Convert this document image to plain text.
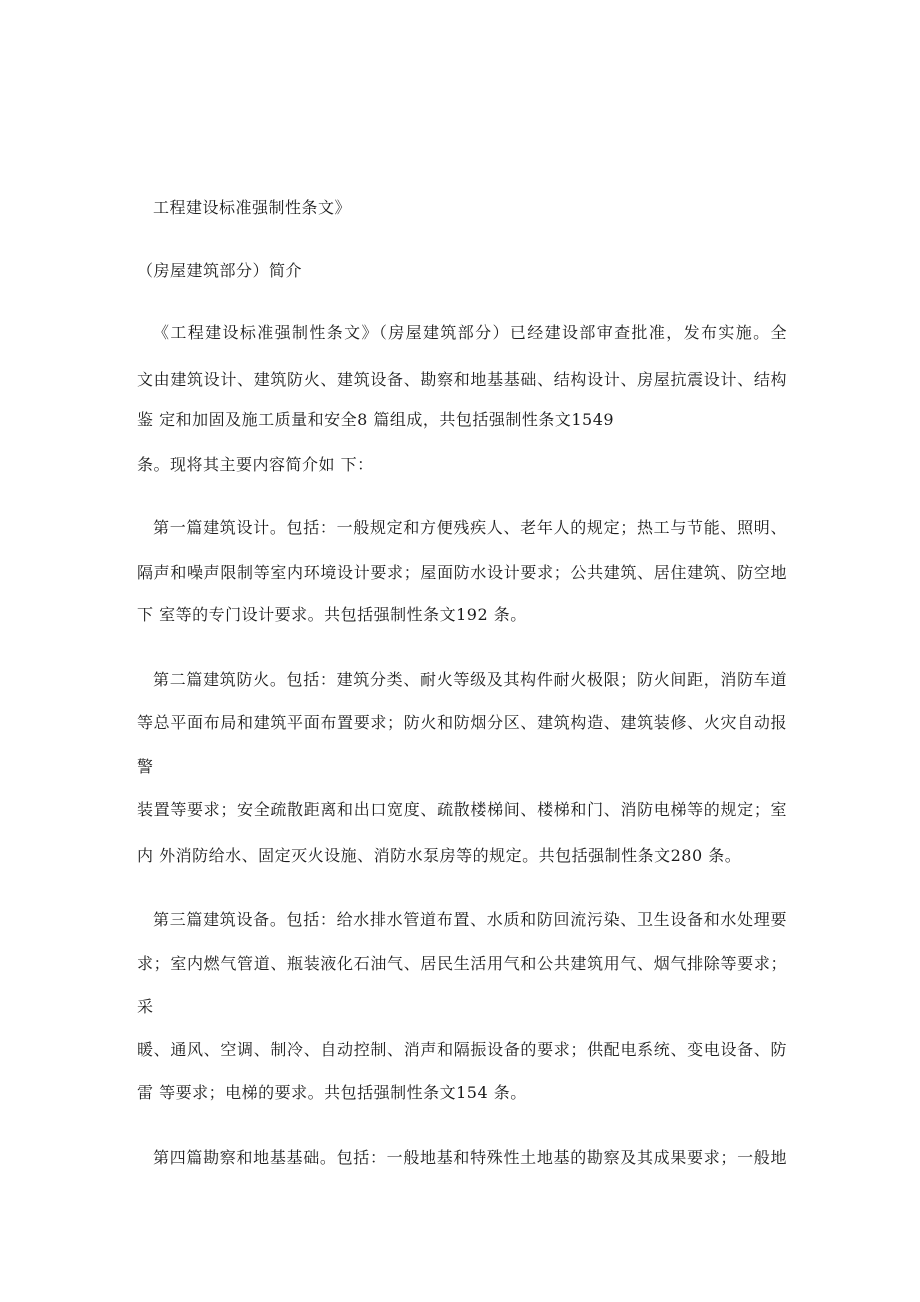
工程建设标准强制性条文》
（房屋建筑部分）简介
《工程建设标准强制性条文》（房屋建筑部分）已经建设部审查批准，发布实施。全
文由建筑设计、建筑防火、建筑设备、勘察和地基基础、结构设计、房屋抗震设计、结构
鉴 定和加固及施工质量和安全8 篇组成，共包括强制性条文1549
条。现将其主要内容简介如 下：
第一篇建筑设计。包括：一般规定和方便残疾人、老年人的规定；热工与节能、照明、
隔声和噪声限制等室内环境设计要求；屋面防水设计要求；公共建筑、居住建筑、防空地
下 室等的专门设计要求。共包括强制性条文192 条。
第二篇建筑防火。包括：建筑分类、耐火等级及其构件耐火极限；防火间距，消防车道
等总平面布局和建筑平面布置要求；防火和防烟分区、建筑构造、建筑装修、火灾自动报
警
装置等要求；安全疏散距离和出口宽度、疏散楼梯间、楼梯和门、消防电梯等的规定；室
内 外消防给水、固定灭火设施、消防水泵房等的规定。共包括强制性条文280 条。
第三篇建筑设备。包括：给水排水管道布置、水质和防回流污染、卫生设备和水处理要
求；室内燃气管道、瓶装液化石油气、居民生活用气和公共建筑用气、烟气排除等要求；
采
暖、通风、空调、制冷、自动控制、消声和隔振设备的要求；供配电系统、变电设备、防
雷 等要求；电梯的要求。共包括强制性条文154 条。
第四篇勘察和地基基础。包括：一般地基和特殊性土地基的勘察及其成果要求；一般地
